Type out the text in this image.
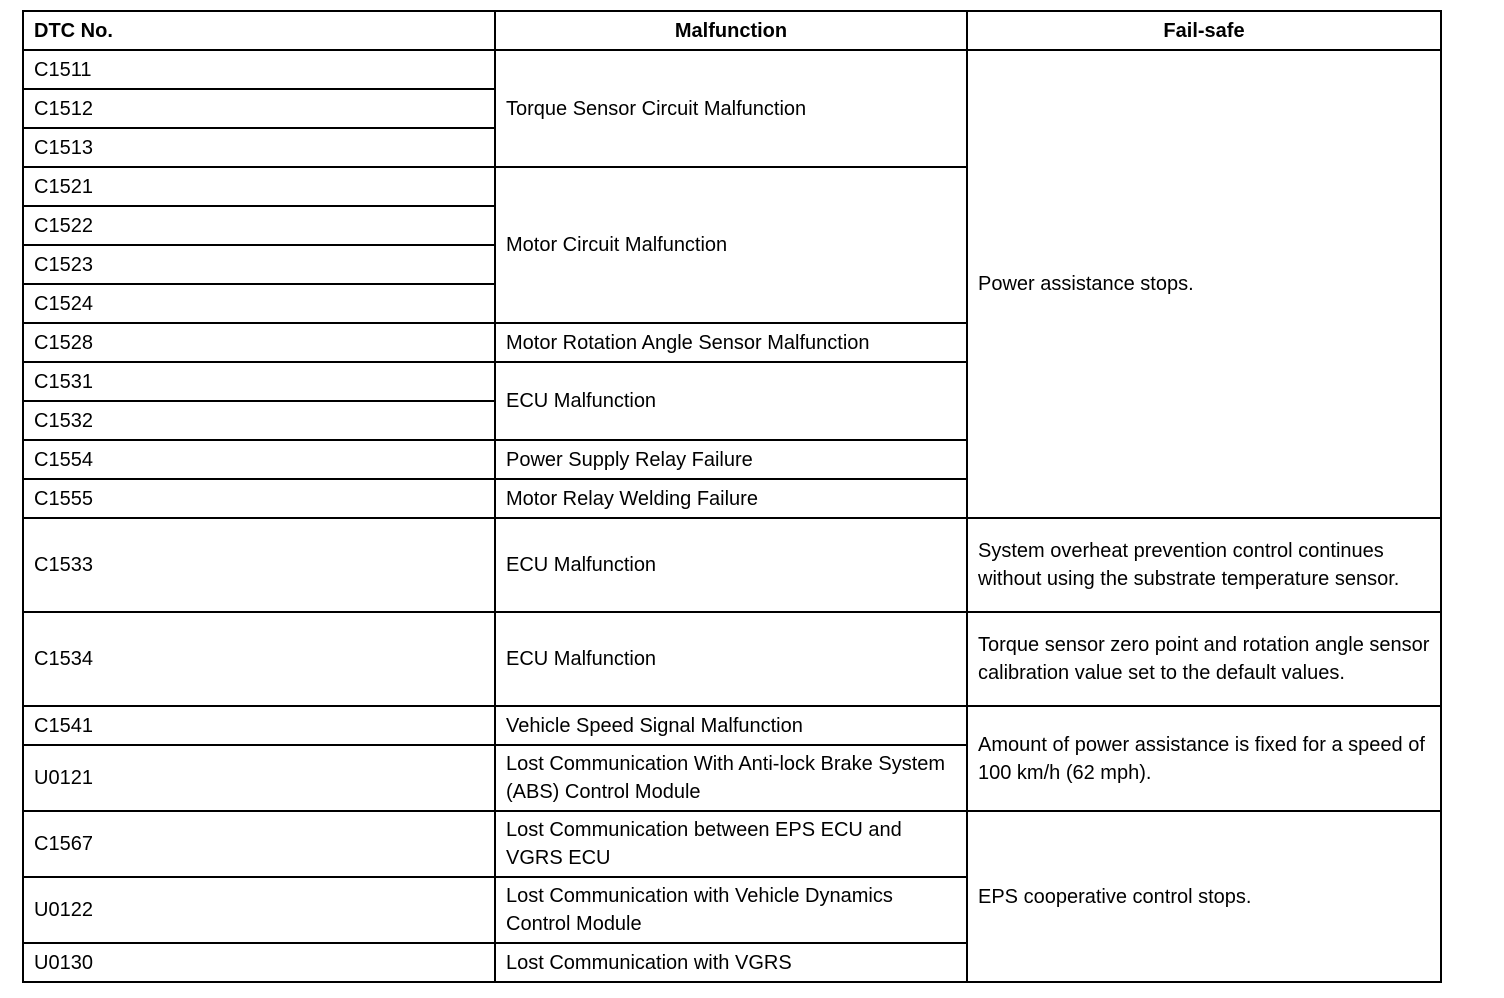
DTC No.	Malfunction	Fail-safe
C1511	Torque Sensor Circuit Malfunction	Power assistance stops.
C1512		
C1513		
C1521	Motor Circuit Malfunction	
C1522		
C1523		
C1524		
C1528	Motor Rotation Angle Sensor Malfunction	
C1531	ECU Malfunction	
C1532		
C1554	Power Supply Relay Failure	
C1555	Motor Relay Welding Failure	
C1533	ECU Malfunction	System overheat prevention control continues without using the substrate temperature sensor.
C1534	ECU Malfunction	Torque sensor zero point and rotation angle sensor calibration value set to the default values.
C1541	Vehicle Speed Signal Malfunction	Amount of power assistance is fixed for a speed of 100 km/h (62 mph).
U0121	Lost Communication With Anti-lock Brake System (ABS) Control Module	
C1567	Lost Communication between EPS ECU and VGRS ECU	EPS cooperative control stops.
U0122	Lost Communication with Vehicle Dynamics Control Module	
U0130	Lost Communication with VGRS	
